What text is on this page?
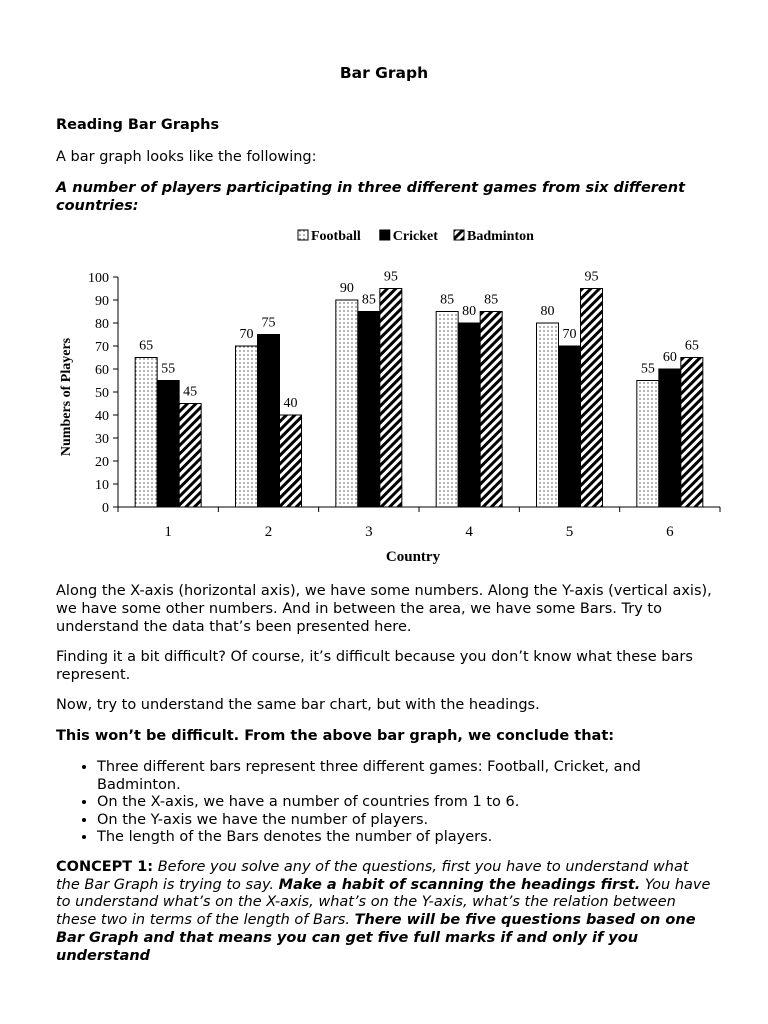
Bar Graph
Reading Bar Graphs

A bar graph looks like the following:

A number of players participating in three different games from six different countries:

Football Cricket Badminton
0
10
20
30
40
50
60
70
80
90
100
1	2	3	4	5	6
65
55
45
70
75
40
90
85
95
85
80
85
80
70
95
55
60
65
Country
Numbers of Players

Along the X-axis (horizontal axis), we have some numbers. Along the Y-axis (vertical axis), we have some other numbers. And in between the area, we have some Bars. Try to understand the data that’s been presented here.

Finding it a bit difficult? Of course, it’s difficult because you don’t know what these bars represent.

Now, try to understand the same bar chart, but with the headings.

This won’t be difficult. From the above bar graph, we conclude that:

• Three different bars represent three different games: Football, Cricket, and Badminton.
• On the X-axis, we have a number of countries from 1 to 6.
• On the Y-axis we have the number of players.
• The length of the Bars denotes the number of players.

CONCEPT 1: Before you solve any of the questions, first you have to understand what the Bar Graph is trying to say. Make a habit of scanning the headings first. You have to understand what’s on the X-axis, what’s on the Y-axis, what’s the relation between these two in terms of the length of Bars. There will be five questions based on one Bar Graph and that means you can get five full marks if and only if you understand
